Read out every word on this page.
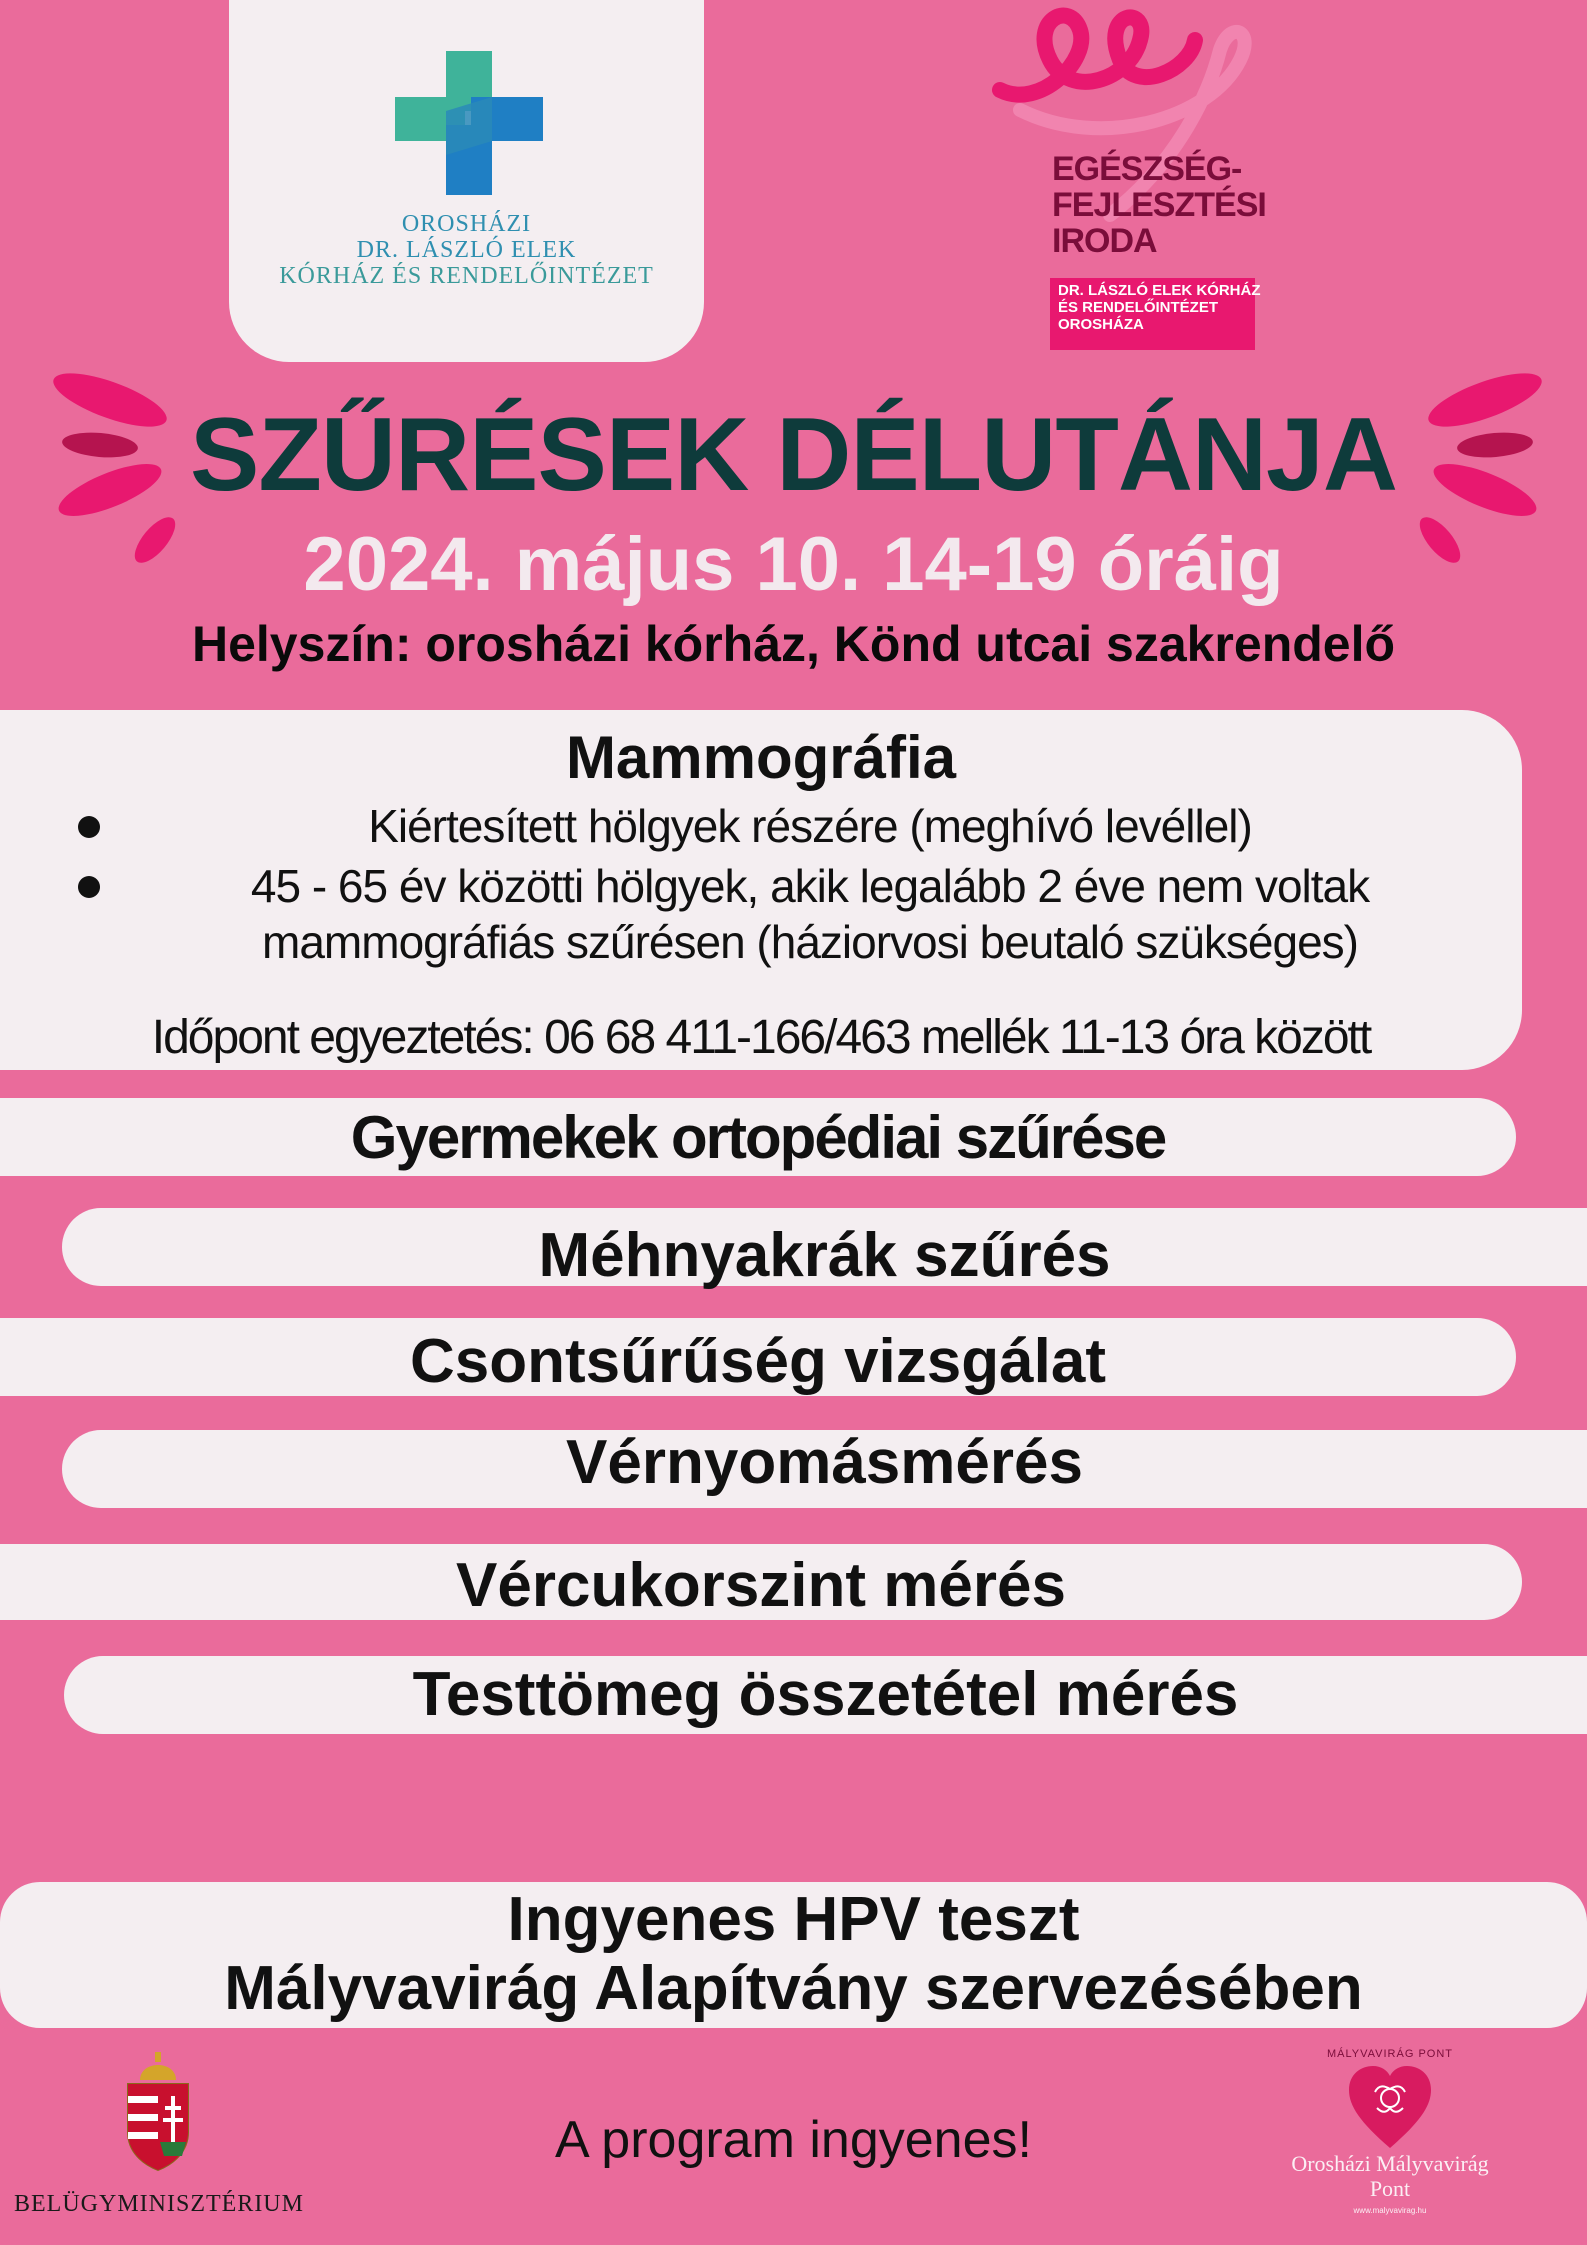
OROSHÁZI
DR. LÁSZLÓ ELEK
KÓRHÁZ ÉS RENDELŐINTÉZET
EGÉSZSÉG-
FEJLESZTÉSI
IRODA
DR. LÁSZLÓ ELEK KÓRHÁZ
ÉS RENDELŐINTÉZET
OROSHÁZA
SZŰRÉSEK DÉLUTÁNJA
2024. május 10. 14-19 óráig
Helyszín: orosházi kórház, Könd utcai szakrendelő
Mammográfia
Kiértesített hölgyek részére (meghívó levéllel)
45 - 65 év közötti hölgyek, akik legalább 2 éve nem voltak
mammográfiás szűrésen (háziorvosi beutaló szükséges)
Időpont egyeztetés: 06 68 411-166/463 mellék 11-13 óra között
Gyermekek ortopédiai szűrése
Méhnyakrák szűrés
Csontsűrűség vizsgálat
Vérnyomásmérés
Vércukorszint mérés
Testtömeg összetétel mérés
Ingyenes HPV teszt
Mályvavirág Alapítvány szervezésében
BELÜGYMINISZTÉRIUM
A program ingyenes!
MÁLYVAVIRÁG PONT
Orosházi Mályvavirág
Pont
www.malyvavirag.hu
